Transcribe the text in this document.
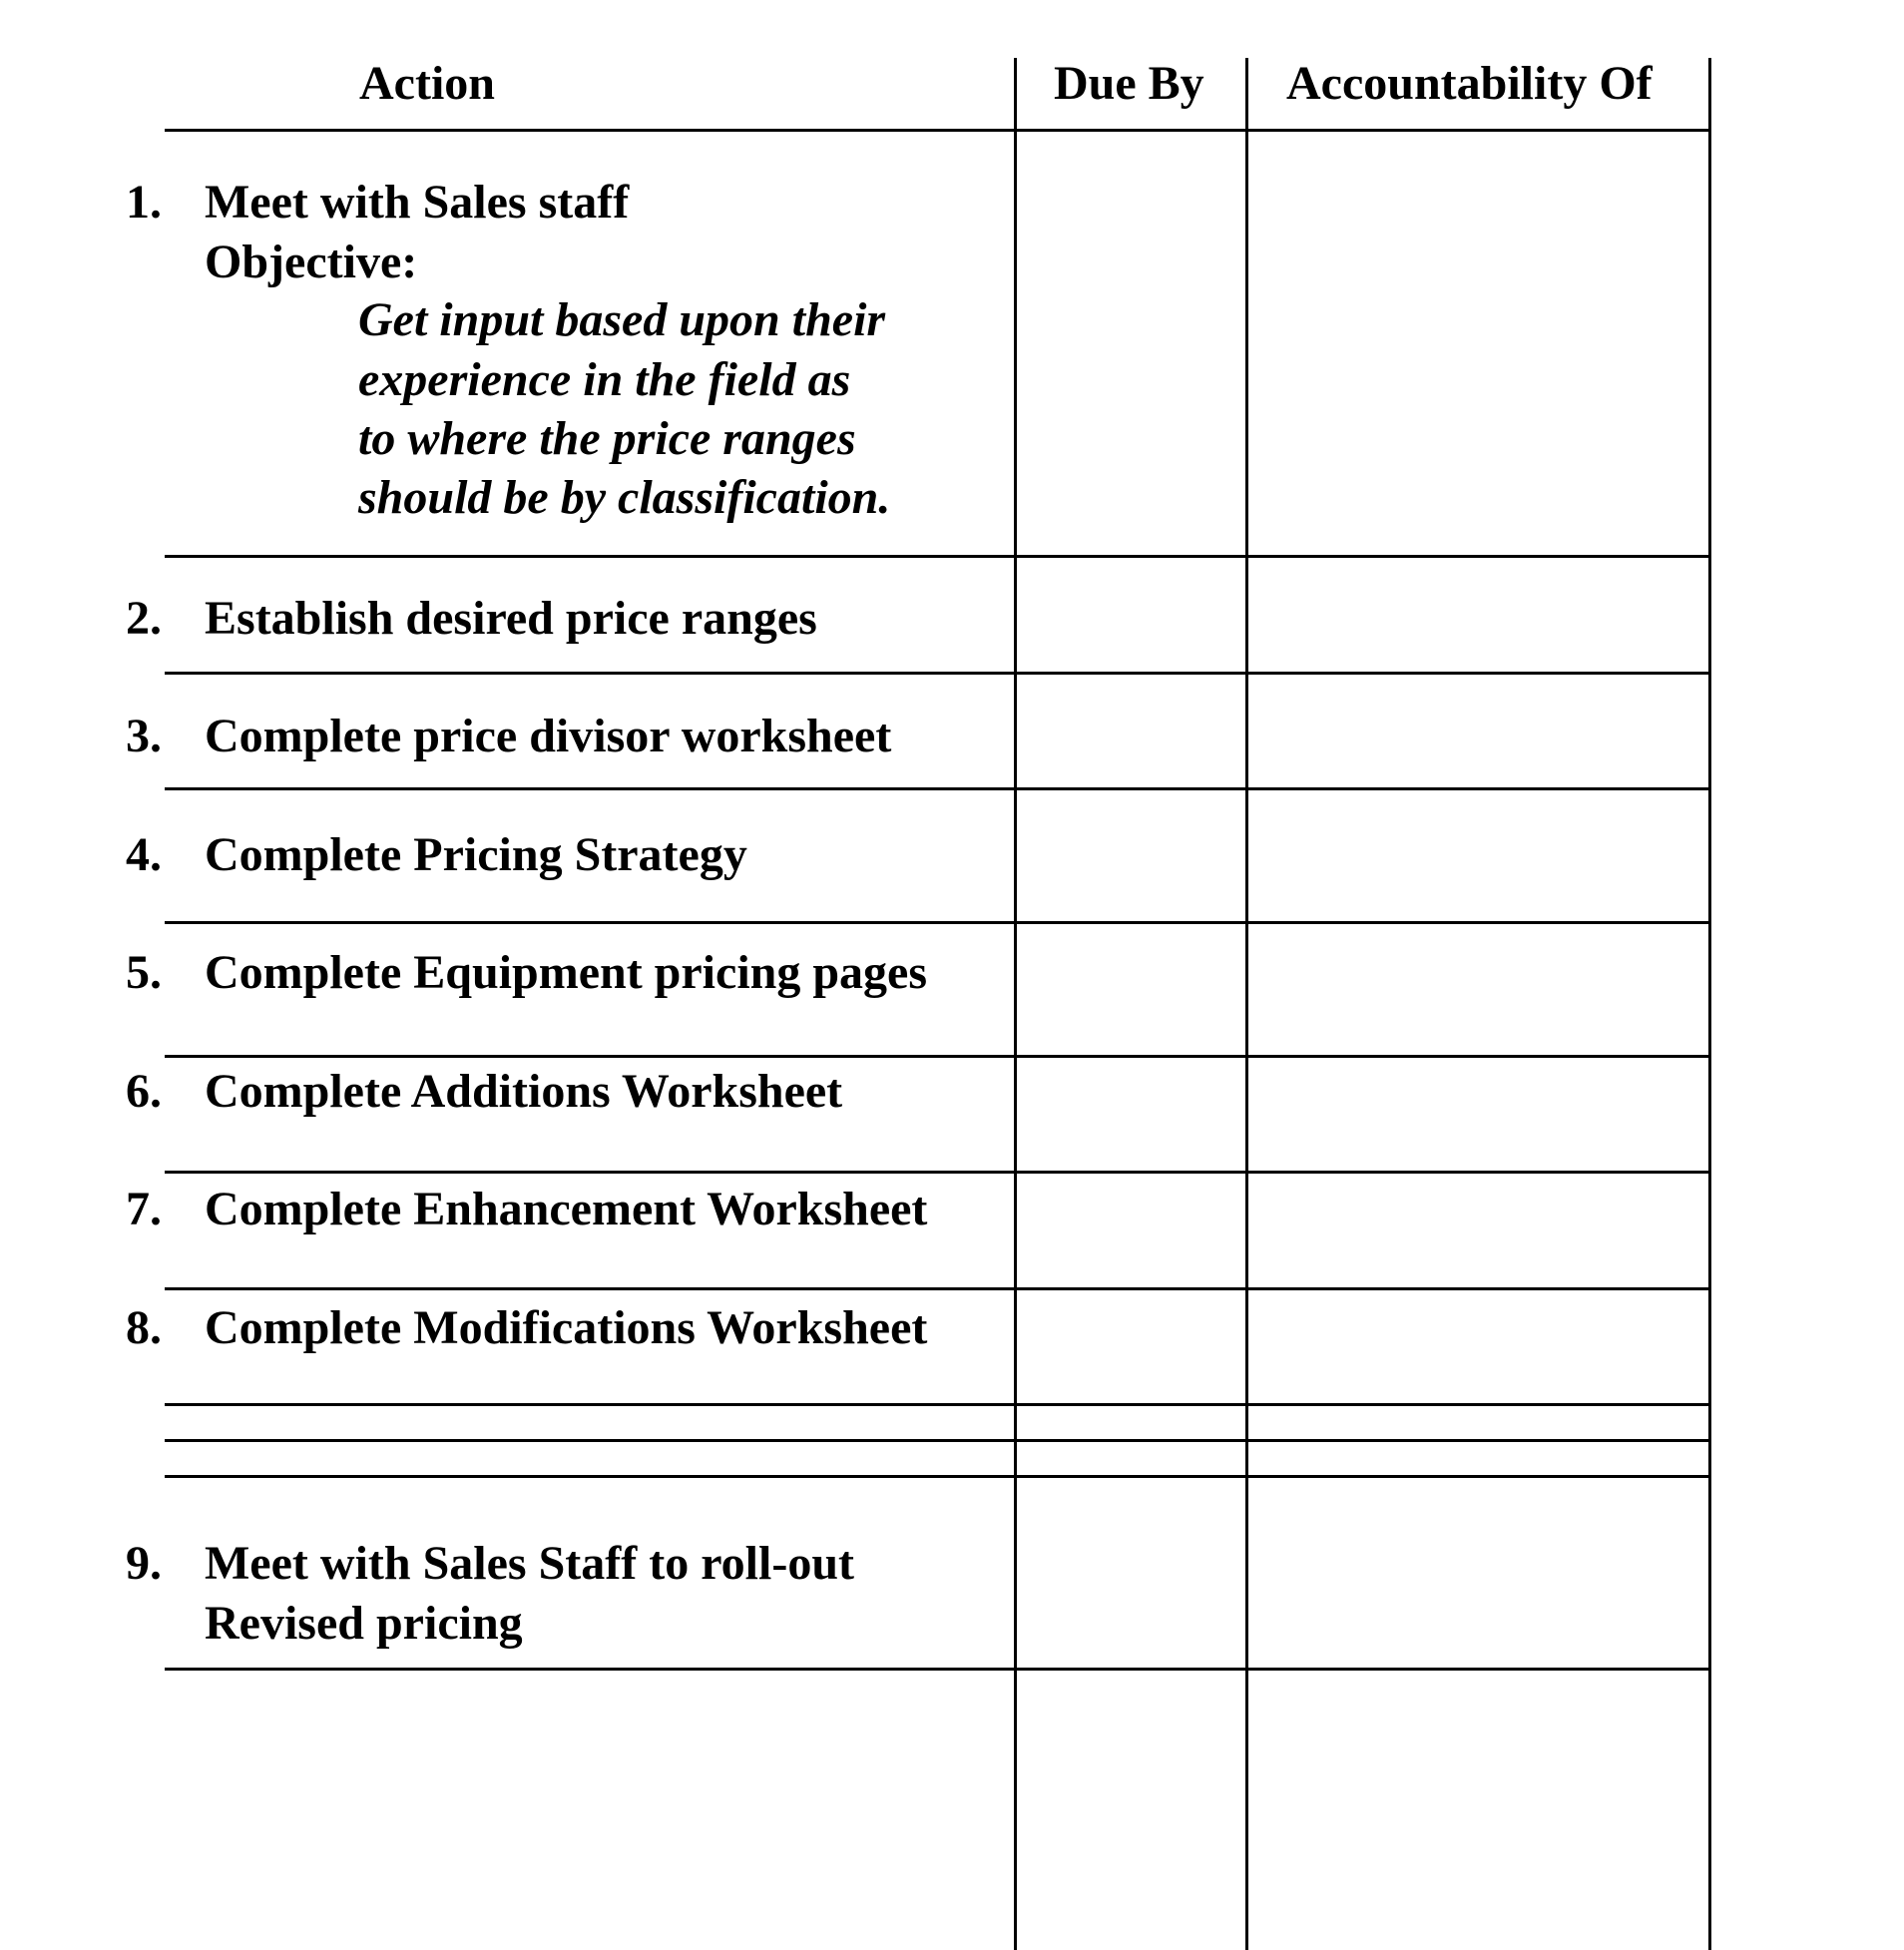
Action	Due By Accountability Of
1. Meet with Sales staff
Objective:
Get input based upon their
experience in the field as
to where the price ranges
should be by classification.
2. Establish desired price ranges
3. Complete price divisor worksheet
4. Complete Pricing Strategy
5. Complete Equipment pricing pages
6. Complete Additions Worksheet
7. Complete Enhancement Worksheet
8. Complete Modifications Worksheet
9. Meet with Sales Staff to roll-out
Revised pricing
